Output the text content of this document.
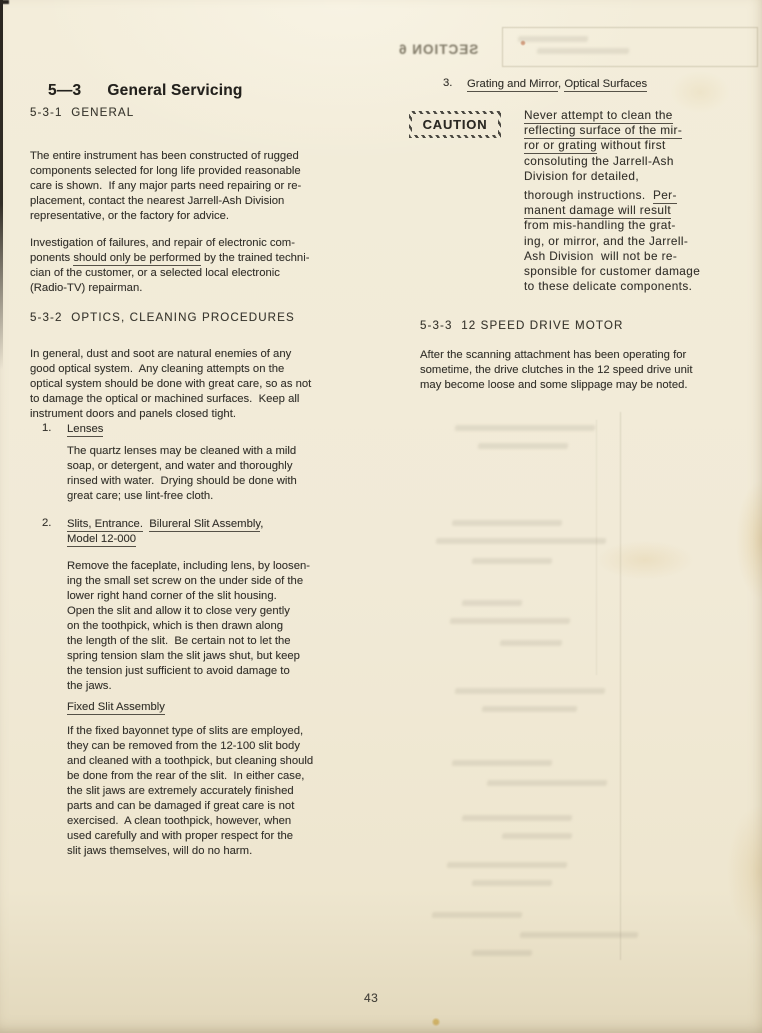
SECTION 6

5—3 General Servicing

5-3-1  GENERAL
The entire instrument has been constructed of rugged
components selected for long life provided reasonable
care is shown.  If any major parts need repairing or re-
placement, contact the nearest Jarrell-Ash Division
representative, or the factory for advice.
Investigation of failures, and repair of electronic com-
ponents should only be performed by the trained techni-
cian of the customer, or a selected local electronic
(Radio-TV) repairman.
5-3-2  OPTICS, CLEANING PROCEDURES
In general, dust and soot are natural enemies of any
good optical system.  Any cleaning attempts on the
optical system should be done with great care, so as not
to damage the optical or machined surfaces.  Keep all
instrument doors and panels closed tight.
1. Lenses
The quartz lenses may be cleaned with a mild
soap, or detergent, and water and thoroughly
rinsed with water.  Drying should be done with
great care; use lint-free cloth.
2. Slits, Entrance. Bilureral Slit Assembly,
Model 12-000
Remove the faceplate, including lens, by loosen-
ing the small set screw on the under side of the
lower right hand corner of the slit housing.
Open the slit and allow it to close very gently
on the toothpick, which is then drawn along
the length of the slit.  Be certain not to let the
spring tension slam the slit jaws shut, but keep
the tension just sufficient to avoid damage to
the jaws.
Fixed Slit Assembly
If the fixed bayonnet type of slits are employed,
they can be removed from the 12-100 slit body
and cleaned with a toothpick, but cleaning should
be done from the rear of the slit.  In either case,
the slit jaws are extremely accurately finished
parts and can be damaged if great care is not
exercised.  A clean toothpick, however, when
used carefully and with proper respect for the
slit jaws themselves, will do no harm.
3. Grating and Mirror, Optical Surfaces
CAUTION
Never attempt to clean the
reflecting surface of the mir-
ror or grating without first
consoluting the Jarrell-Ash
Division for detailed,
thorough instructions.  Per-
manent damage will result
from mis-handling the grat-
ing, or mirror, and the Jarrell-
Ash Division  will not be re-
sponsible for customer damage
to these delicate components.
5-3-3  12 SPEED DRIVE MOTOR
After the scanning attachment has been operating for
sometime, the drive clutches in the 12 speed drive unit
may become loose and some slippage may be noted.
43
